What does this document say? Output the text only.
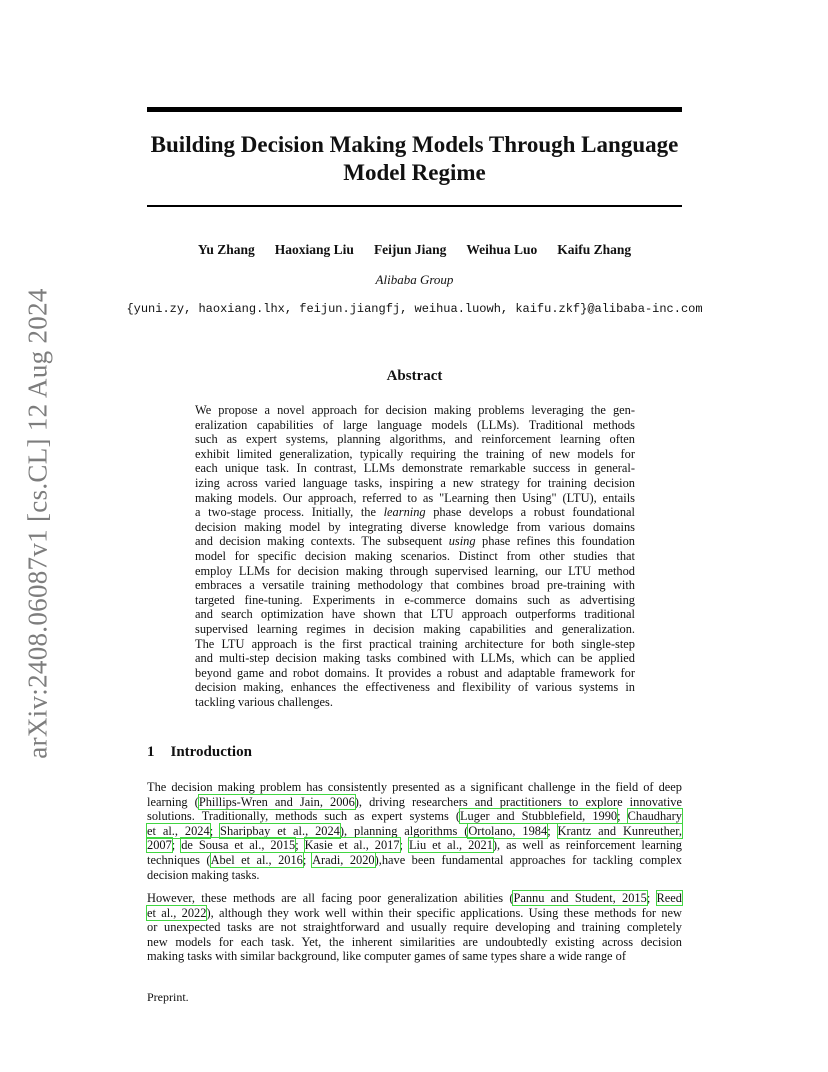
arXiv:2408.06087v1 [cs.CL] 12 Aug 2024
Building Decision Making Models Through Language Model Regime
Yu Zhang Haoxiang Liu Feijun Jiang Weihua Luo Kaifu Zhang
Alibaba Group
{yuni.zy, haoxiang.lhx, feijun.jiangfj, weihua.luowh, kaifu.zkf}@alibaba-inc.com
Abstract
We propose a novel approach for decision making problems leveraging the gen-
eralization capabilities of large language models (LLMs). Traditional methods
such as expert systems, planning algorithms, and reinforcement learning often
exhibit limited generalization, typically requiring the training of new models for
each unique task. In contrast, LLMs demonstrate remarkable success in general-
izing across varied language tasks, inspiring a new strategy for training decision
making models. Our approach, referred to as "Learning then Using" (LTU), entails
a two-stage process. Initially, the learning phase develops a robust foundational
decision making model by integrating diverse knowledge from various domains
and decision making contexts. The subsequent using phase refines this foundation
model for specific decision making scenarios. Distinct from other studies that
employ LLMs for decision making through supervised learning, our LTU method
embraces a versatile training methodology that combines broad pre-training with
targeted fine-tuning. Experiments in e-commerce domains such as advertising
and search optimization have shown that LTU approach outperforms traditional
supervised learning regimes in decision making capabilities and generalization.
The LTU approach is the first practical training architecture for both single-step
and multi-step decision making tasks combined with LLMs, which can be applied
beyond game and robot domains. It provides a robust and adaptable framework for
decision making, enhances the effectiveness and flexibility of various systems in
tackling various challenges.
1 Introduction
The decision making problem has consistently presented as a significant challenge in the field of deep
learning (Phillips-Wren and Jain, 2006), driving researchers and practitioners to explore innovative
solutions. Traditionally, methods such as expert systems (Luger and Stubblefield, 1990; Chaudhary
et al., 2024; Sharipbay et al., 2024), planning algorithms (Ortolano, 1984; Krantz and Kunreuther,
2007; de Sousa et al., 2015; Kasie et al., 2017; Liu et al., 2021), as well as reinforcement learning
techniques (Abel et al., 2016; Aradi, 2020),have been fundamental approaches for tackling complex
decision making tasks.
However, these methods are all facing poor generalization abilities (Pannu and Student, 2015; Reed
et al., 2022), although they work well within their specific applications. Using these methods for new
or unexpected tasks are not straightforward and usually require developing and training completely
new models for each task. Yet, the inherent similarities are undoubtedly existing across decision
making tasks with similar background, like computer games of same types share a wide range of
Preprint.
